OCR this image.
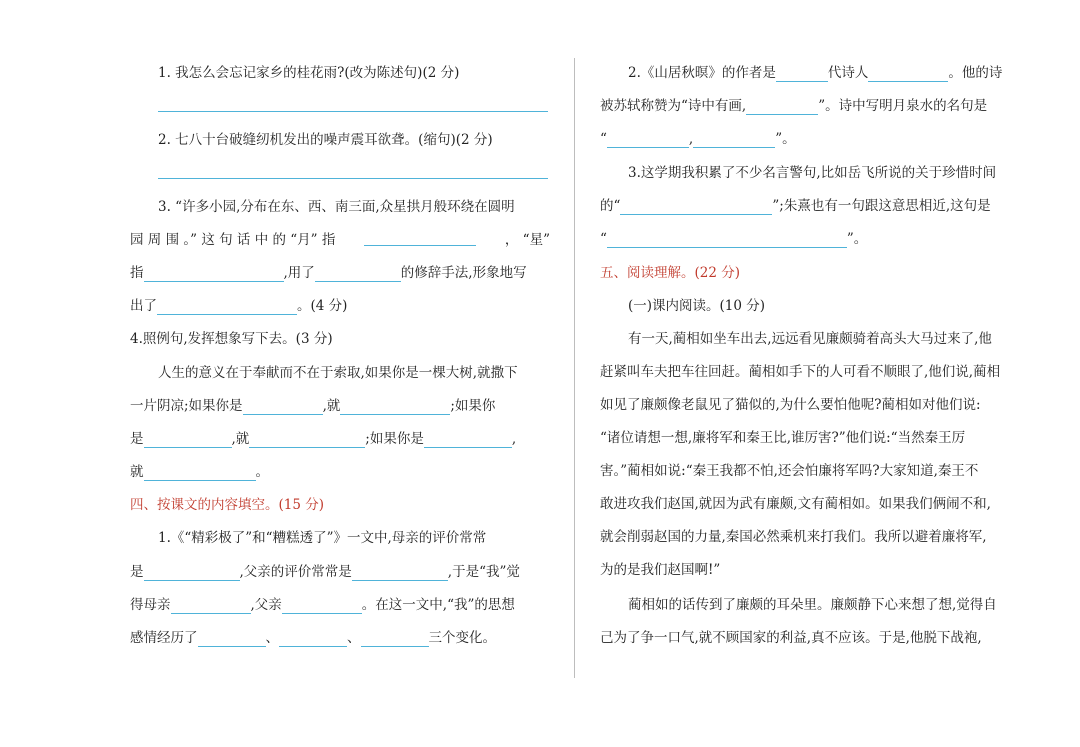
1. 我怎么会忘记家乡的桂花雨?(改为陈述句)(2 分)
2. 七八十台破缝纫机发出的噪声震耳欲聋。(缩句)(2 分)
3. “许多小园,分布在东、西、南三面,众星拱月般环绕在圆明
园 周 围 。” 这 句 话 中 的 “月” 指	， “星”
指	,用了	的修辞手法,形象地写
出了	。(4 分)
4.照例句,发挥想象写下去。(3 分)
人生的意义在于奉献而不在于索取,如果你是一棵大树,就撒下
一片阴凉;如果你是	,就	;如果你
是	,就	;如果你是	,
就	。
四、按课文的内容填空。(15 分)
1.《“精彩极了”和“糟糕透了”》一文中,母亲的评价常常
是	,父亲的评价常常是	,于是“我”觉
得母亲	,父亲	。在这一文中,“我”的思想
感情经历了	、	、	三个变化。
2.《山居秋暝》的作者是	代诗人	。他的诗
被苏轼称赞为“诗中有画,	”。诗中写明月泉水的名句是
“	,	”。
3.这学期我积累了不少名言警句,比如岳飞所说的关于珍惜时间
的“	”;朱熹也有一句跟这意思相近,这句是
“	”。
五、阅读理解。(22 分)
(一)课内阅读。(10 分)
有一天,蔺相如坐车出去,远远看见廉颇骑着高头大马过来了,他
赶紧叫车夫把车往回赶。蔺相如手下的人可看不顺眼了,他们说,蔺相
如见了廉颇像老鼠见了猫似的,为什么要怕他呢?蔺相如对他们说:
“诸位请想一想,廉将军和秦王比,谁厉害?”他们说:“当然秦王厉
害。”蔺相如说:“秦王我都不怕,还会怕廉将军吗?大家知道,秦王不
敢进攻我们赵国,就因为武有廉颇,文有蔺相如。如果我们俩闹不和,
就会削弱赵国的力量,秦国必然乘机来打我们。我所以避着廉将军,
为的是我们赵国啊!”
蔺相如的话传到了廉颇的耳朵里。廉颇静下心来想了想,觉得自
己为了争一口气,就不顾国家的利益,真不应该。于是,他脱下战袍,
